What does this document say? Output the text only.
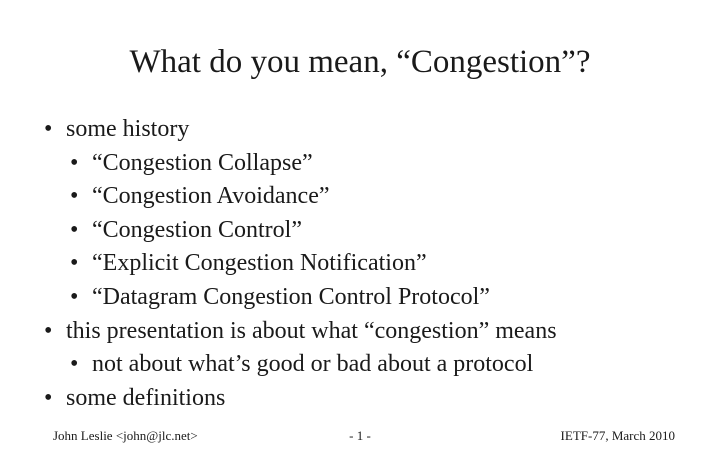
What do you mean, “Congestion”?
• some history
• “Congestion Collapse”
• “Congestion Avoidance”
• “Congestion Control”
• “Explicit Congestion Notification”
• “Datagram Congestion Control Protocol”
• this presentation is about what “congestion” means
• not about what’s good or bad about a protocol
• some definitions
John Leslie <john@jlc.net>	- 1 -	IETF-77, March 2010
